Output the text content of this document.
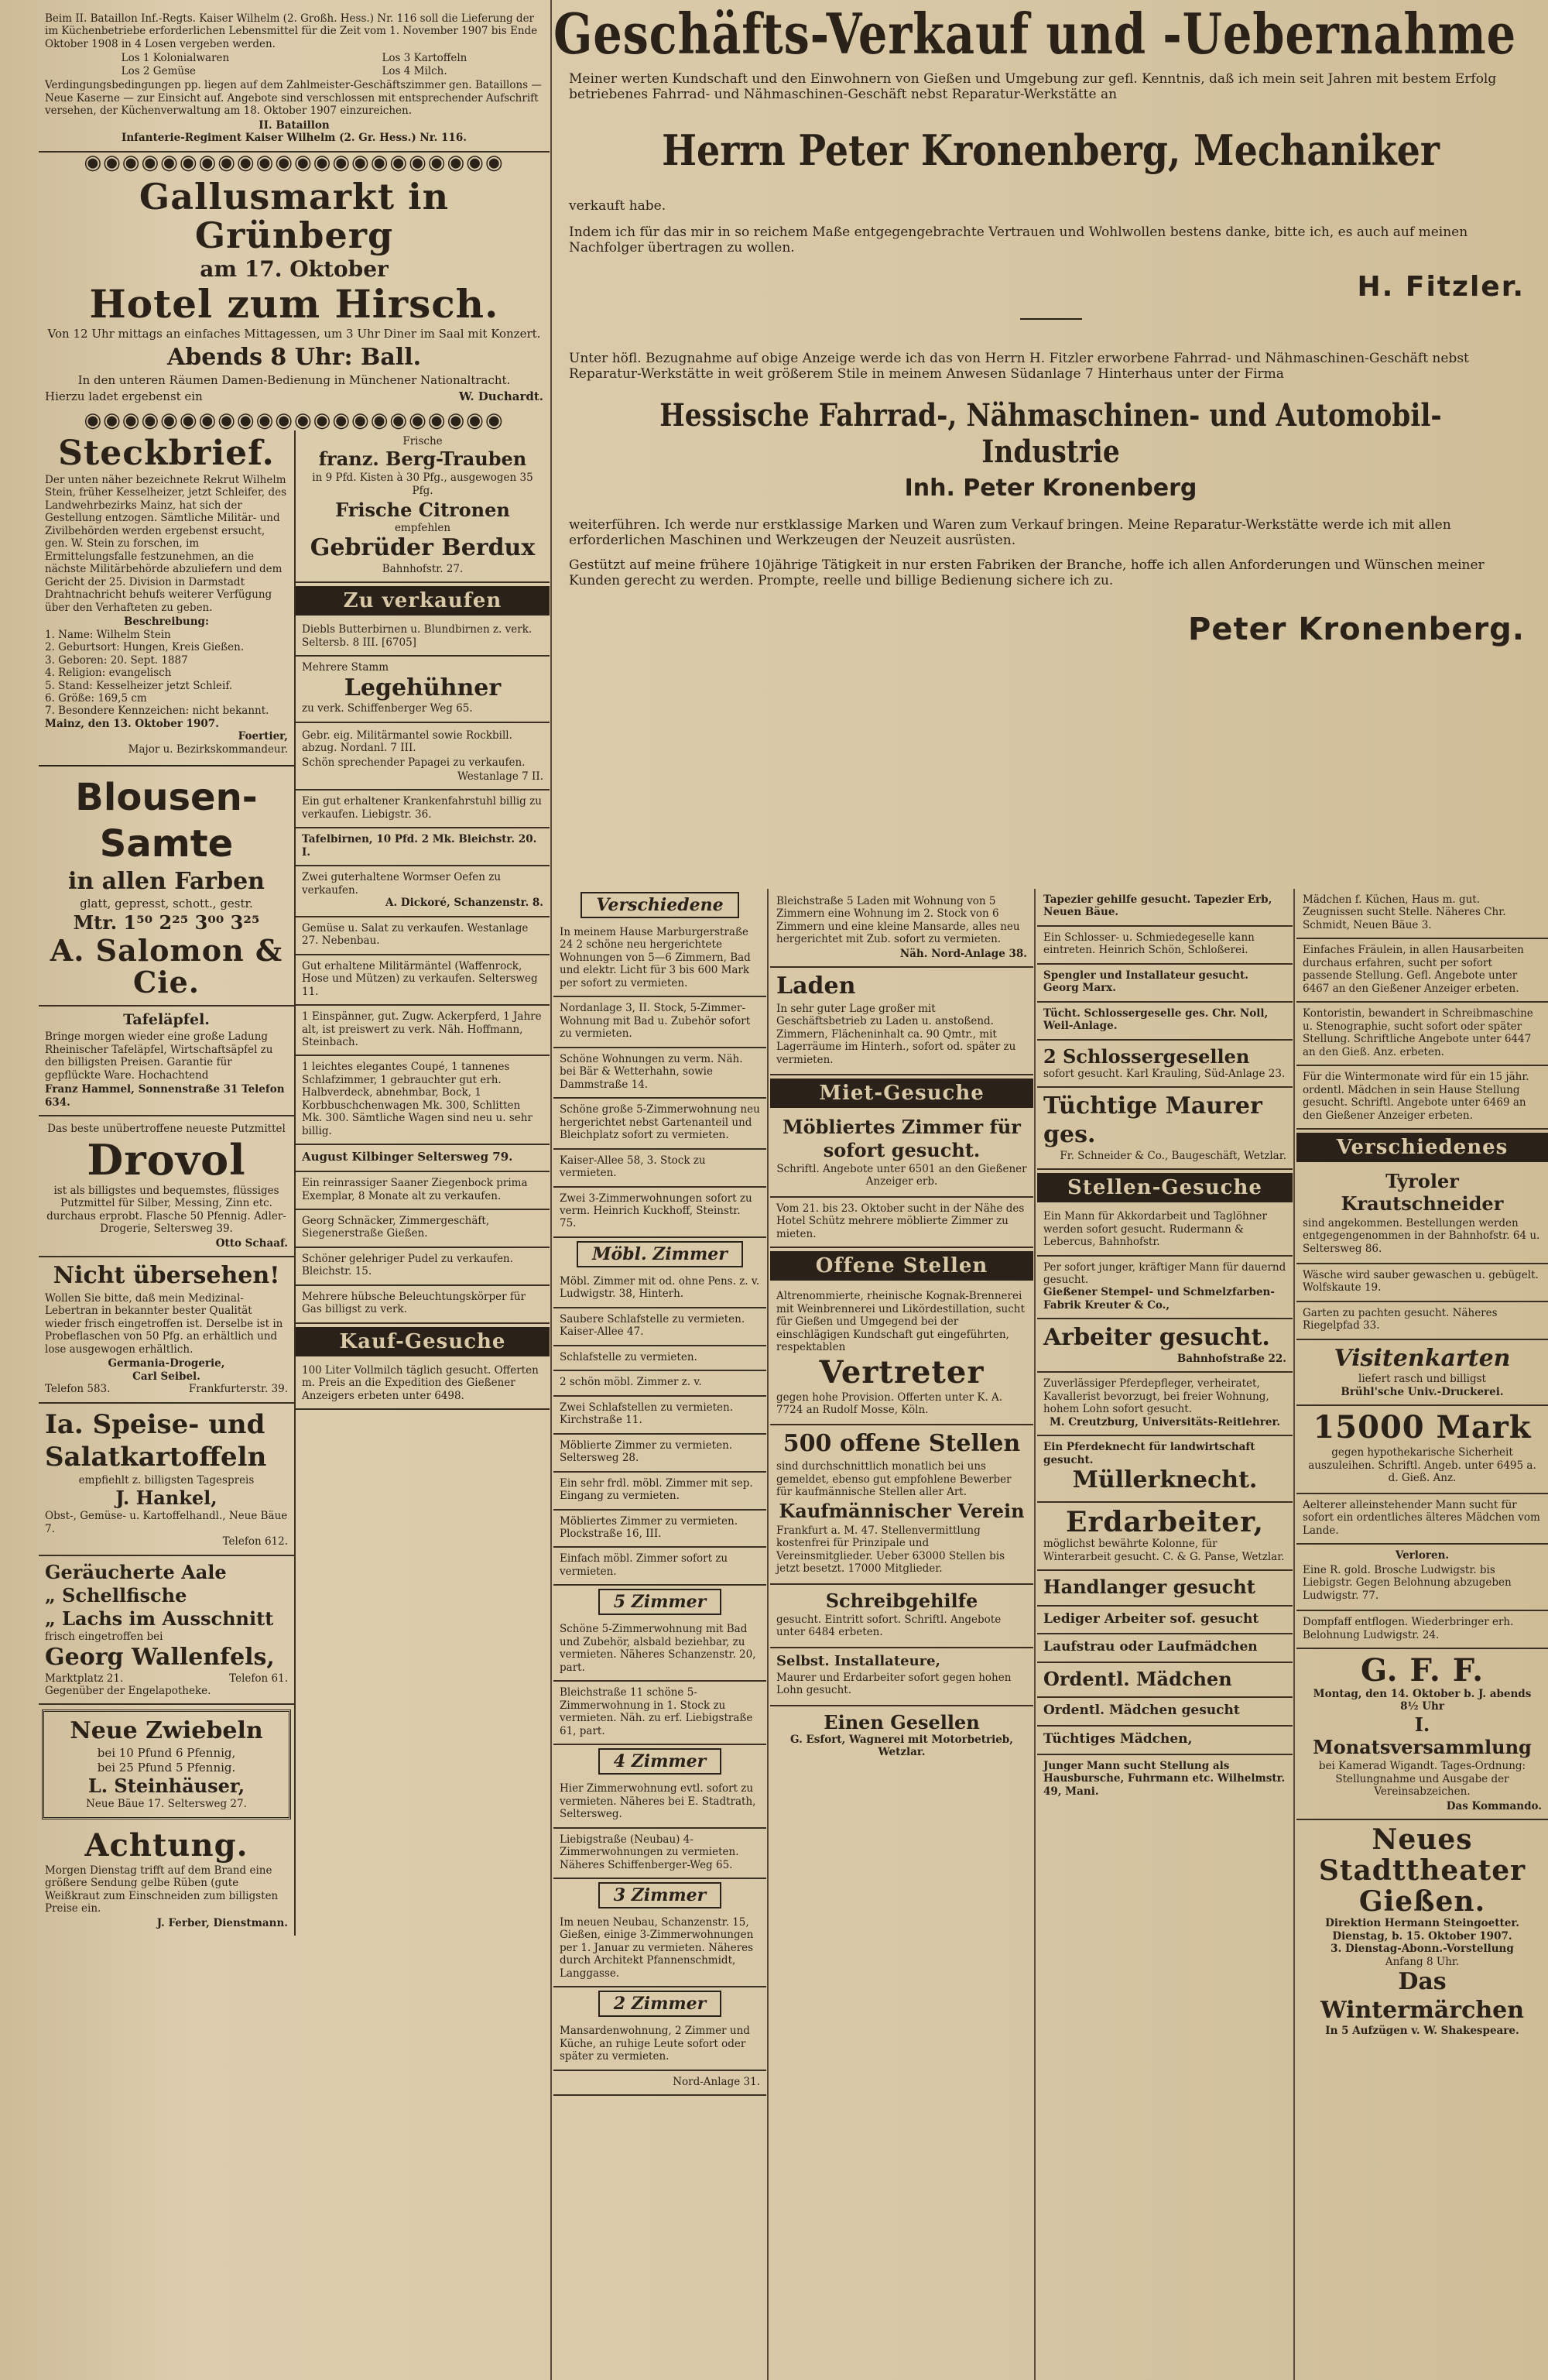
Beim II. Bataillon Inf.-Regts. Kaiser Wilhelm (2. Großh. Hess.) Nr. 116 soll die Lieferung der im Küchenbetriebe erforderlichen Lebensmittel für die Zeit vom 1. November 1907 bis Ende Oktober 1908 in 4 Losen vergeben werden.

Los 1 Kolonialwaren
Los 2 Gemüse
Los 3 Kartoffeln
Los 4 Milch.

Verdingungsbedingungen pp. liegen auf dem Zahlmeister-Geschäftszimmer gen. Bataillons — Neue Kaserne — zur Einsicht auf. Angebote sind verschlossen mit entsprechender Aufschrift versehen, der Küchenverwaltung am 18. Oktober 1907 einzureichen.

II. Bataillon
Infanterie-Regiment Kaiser Wilhelm (2. Gr. Hess.) Nr. 116.
◉◉◉◉◉◉◉◉◉◉◉◉◉◉◉◉◉◉◉◉◉◉
Gallusmarkt in Grünberg
am 17. Oktober
Hotel zum Hirsch.

Von 12 Uhr mittags an einfaches Mittagessen, um 3 Uhr Diner im Saal mit Konzert.

Abends 8 Uhr: Ball.

In den unteren Räumen Damen-Bedienung in Münchener Nationaltracht.

Hierzu ladet ergebenst ein	W. Duchardt.
◉◉◉◉◉◉◉◉◉◉◉◉◉◉◉◉◉◉◉◉◉◉
Steckbrief.

Der unten näher bezeichnete Rekrut Wilhelm Stein, früher Kesselheizer, jetzt Schleifer, des Landwehrbezirks Mainz, hat sich der Gestellung entzogen. Sämtliche Militär- und Zivilbehörden werden ergebenst ersucht, gen. W. Stein zu forschen, im Ermittelungsfalle festzunehmen, an die nächste Militärbehörde abzuliefern und dem Gericht der 25. Division in Darmstadt Drahtnachricht behufs weiterer Verfügung über den Verhafteten zu geben.

Beschreibung:
1. Name: Wilhelm Stein
2. Geburtsort: Hungen, Kreis Gießen.
3. Geboren: 20. Sept. 1887
4. Religion: evangelisch
5. Stand: Kesselheizer jetzt Schleif.
6. Größe: 169,5 cm
7. Besondere Kennzeichen: nicht bekannt.
Mainz, den 13. Oktober 1907.
Foertier,
Major u. Bezirkskommandeur.
Blousen-Samte
in allen Farben
glatt, gepresst, schott., gestr.
Mtr. 1⁵⁰ 2²⁵ 3⁰⁰ 3²⁵
A. Salomon & Cie.
Tafeläpfel.

Bringe morgen wieder eine große Ladung Rheinischer Tafeläpfel, Wirtschaftsäpfel zu den billigsten Preisen. Garantie für gepflückte Ware. Hochachtend

Franz Hammel, Sonnenstraße 31 Telefon 634.

Das beste unübertroffene neueste Putzmittel

Drovol

ist als billigstes und bequemstes, flüssiges Putzmittel für Silber, Messing, Zinn etc. durchaus erprobt. Flasche 50 Pfennig. Adler-Drogerie, Seltersweg 39.

Otto Schaaf.
Nicht übersehen!

Wollen Sie bitte, daß mein Medizinal-Lebertran in bekannter bester Qualität wieder frisch eingetroffen ist. Derselbe ist in Probeflaschen von 50 Pfg. an erhältlich und lose ausgewogen erhältlich.

Germania-Drogerie,
Carl Seibel.
Telefon 583.	Frankfurterstr. 39.
Ia. Speise- und Salatkartoffeln
empfiehlt z. billigsten Tagespreis
J. Hankel,
Obst-, Gemüse- u. Kartoffelhandl., Neue Bäue 7.
Telefon 612.
Geräucherte Aale
„ Schellfische
„ Lachs im Ausschnitt
frisch eingetroffen bei
Georg Wallenfels,
Marktplatz 21.	Telefon 61.
Gegenüber der Engelapotheke.
Neue Zwiebeln
bei 10 Pfund 6 Pfennig,
bei 25 Pfund 5 Pfennig.
L. Steinhäuser,
Neue Bäue 17. Seltersweg 27.
Achtung.

Morgen Dienstag trifft auf dem Brand eine größere Sendung gelbe Rüben (gute Weißkraut zum Einschneiden zum billigsten Preise ein.

J. Ferber, Dienstmann.
Frische
franz. Berg-Trauben

in 9 Pfd. Kisten à 30 Pfg., ausgewogen 35 Pfg.

Frische Citronen
empfehlen
Gebrüder Berdux
Bahnhofstr. 27.
Zu verkaufen
Diebls Butterbirnen u. Blundbirnen z. verk. Seltersb. 8 III. [6705]
Mehrere Stamm
Legehühner
zu verk. Schiffenberger Weg 65.

Gebr. eig. Militärmantel sowie Rockbill. abzug. Nordanl. 7 III.

Schön sprechender Papagei zu verkaufen.

Westanlage 7 II.
Ein gut erhaltener Krankenfahrstuhl billig zu verkaufen. Liebigstr. 36.
Tafelbirnen, 10 Pfd. 2 Mk. Bleichstr. 20. I.
Zwei guterhaltene Wormser Oefen zu verkaufen.
A. Dickoré, Schanzenstr. 8.
Gemüse u. Salat zu verkaufen. Westanlage 27. Nebenbau.
Gut erhaltene Militärmäntel (Waffenrock, Hose und Mützen) zu verkaufen. Seltersweg 11.
1 Einspänner, gut. Zugw. Ackerpferd, 1 Jahre alt, ist preiswert zu verk. Näh. Hoffmann, Steinbach.
1 leichtes elegantes Coupé, 1 tannenes Schlafzimmer, 1 gebrauchter gut erh. Halbverdeck, abnehmbar, Bock, 1 Korbbuschchenwagen Mk. 300, Schlitten Mk. 300. Sämtliche Wagen sind neu u. sehr billig.
August Kilbinger Seltersweg 79.
Ein reinrassiger Saaner Ziegenbock prima Exemplar, 8 Monate alt zu verkaufen.
Georg Schnäcker, Zimmergeschäft, Siegenerstraße Gießen.
Schöner gelehriger Pudel zu verkaufen. Bleichstr. 15.
Mehrere hübsche Beleuchtungskörper für Gas billigst zu verk.
Kauf-Gesuche
100 Liter Vollmilch täglich gesucht. Offerten m. Preis an die Expedition des Gießener Anzeigers erbeten unter 6498.
Geschäfts-Verkauf und -Uebernahme

Meiner werten Kundschaft und den Einwohnern von Gießen und Umgebung zur gefl. Kenntnis, daß ich mein seit Jahren mit bestem Erfolg betriebenes Fahrrad- und Nähmaschinen-Geschäft nebst Reparatur-Werkstätte an

Herrn Peter Kronenberg, Mechaniker

verkauft habe.

Indem ich für das mir in so reichem Maße entgegengebrachte Vertrauen und Wohlwollen bestens danke, bitte ich, es auch auf meinen Nachfolger übertragen zu wollen.

H. Fitzler.

Unter höfl. Bezugnahme auf obige Anzeige werde ich das von Herrn H. Fitzler erworbene Fahrrad- und Nähmaschinen-Geschäft nebst Reparatur-Werkstätte in weit größerem Stile in meinem Anwesen Südanlage 7 Hinterhaus unter der Firma

Hessische Fahrrad-, Nähmaschinen- und Automobil-Industrie
Inh. Peter Kronenberg

weiterführen. Ich werde nur erstklassige Marken und Waren zum Verkauf bringen. Meine Reparatur-Werkstätte werde ich mit allen erforderlichen Maschinen und Werkzeugen der Neuzeit ausrüsten.

Gestützt auf meine frühere 10jährige Tätigkeit in nur ersten Fabriken der Branche, hoffe ich allen Anforderungen und Wünschen meiner Kunden gerecht zu werden. Prompte, reelle und billige Bedienung sichere ich zu.

Peter Kronenberg.
Verschiedene
In meinem Hause Marburgerstraße 24 2 schöne neu hergerichtete Wohnungen von 5—6 Zimmern, Bad und elektr. Licht für 3 bis 600 Mark per sofort zu vermieten.
Nordanlage 3, II. Stock, 5-Zimmer-Wohnung mit Bad u. Zubehör sofort zu vermieten.
Schöne Wohnungen zu verm. Näh. bei Bär & Wetterhahn, sowie Dammstraße 14.
Schöne große 5-Zimmerwohnung neu hergerichtet nebst Gartenanteil und Bleichplatz sofort zu vermieten.
Kaiser-Allee 58, 3. Stock zu vermieten.
Zwei 3-Zimmerwohnungen sofort zu verm. Heinrich Kuckhoff, Steinstr. 75.
Möbl. Zimmer
Möbl. Zimmer mit od. ohne Pens. z. v. Ludwigstr. 38, Hinterh.
Saubere Schlafstelle zu vermieten. Kaiser-Allee 47.
Schlafstelle zu vermieten.
2 schön möbl. Zimmer z. v.
Zwei Schlafstellen zu vermieten. Kirchstraße 11.
Möblierte Zimmer zu vermieten. Seltersweg 28.
Ein sehr frdl. möbl. Zimmer mit sep. Eingang zu vermieten.
Möbliertes Zimmer zu vermieten. Plockstraße 16, III.
Einfach möbl. Zimmer sofort zu vermieten.
5 Zimmer
Schöne 5-Zimmerwohnung mit Bad und Zubehör, alsbald beziehbar, zu vermieten. Näheres Schanzenstr. 20, part.
Bleichstraße 11 schöne 5-Zimmerwohnung in 1. Stock zu vermieten. Näh. zu erf. Liebigstraße 61, part.
4 Zimmer
Hier Zimmerwohnung evtl. sofort zu vermieten. Näheres bei E. Stadtrath, Seltersweg.
Liebigstraße (Neubau) 4-Zimmerwohnungen zu vermieten. Näheres Schiffenberger-Weg 65.
3 Zimmer
Im neuen Neubau, Schanzenstr. 15, Gießen, einige 3-Zimmerwohnungen per 1. Januar zu vermieten. Näheres durch Architekt Pfannenschmidt, Langgasse.
2 Zimmer
Mansardenwohnung, 2 Zimmer und Küche, an ruhige Leute sofort oder später zu vermieten.
Nord-Anlage 31.

Bleichstraße 5 Laden mit Wohnung von 5 Zimmern eine Wohnung im 2. Stock von 6 Zimmern und eine kleine Mansarde, alles neu hergerichtet mit Zub. sofort zu vermieten.

Näh. Nord-Anlage 38.
Laden

In sehr guter Lage großer mit Geschäftsbetrieb zu Laden u. anstoßend. Zimmern, Flächeninhalt ca. 90 Qmtr., mit Lagerräume im Hinterh., sofort od. später zu vermieten.

Miet-Gesuche
Möbliertes Zimmer für sofort gesucht.

Schriftl. Angebote unter 6501 an den Gießener Anzeiger erb.

Vom 21. bis 23. Oktober sucht in der Nähe des Hotel Schütz mehrere möblierte Zimmer zu mieten.
Offene Stellen

Altrenommierte, rheinische Kognak-Brennerei mit Weinbrennerei und Likördestillation, sucht für Gießen und Umgegend bei der einschlägigen Kundschaft gut eingeführten, respektablen

Vertreter

gegen hohe Provision. Offerten unter K. A. 7724 an Rudolf Mosse, Köln.

500 offene Stellen

sind durchschnittlich monatlich bei uns gemeldet, ebenso gut empfohlene Bewerber für kaufmännische Stellen aller Art.

Kaufmännischer Verein

Frankfurt a. M. 47. Stellenvermittlung kostenfrei für Prinzipale und Vereinsmitglieder. Ueber 63000 Stellen bis jetzt besetzt. 17000 Mitglieder.

Schreibgehilfe

gesucht. Eintritt sofort. Schriftl. Angebote unter 6484 erbeten.

Selbst. Installateure,

Maurer und Erdarbeiter sofort gegen hohen Lohn gesucht.

Einen Gesellen
G. Esfort, Wagnerei mit Motorbetrieb, Wetzlar.
Tapezier gehilfe gesucht. Tapezier Erb, Neuen Bäue.
Ein Schlosser- u. Schmiedegeselle kann eintreten. Heinrich Schön, Schloßerei.
Spengler und Installateur gesucht. Georg Marx.
Tücht. Schlossergeselle ges. Chr. Noll, Weil-Anlage.
2 Schlossergesellen
sofort gesucht. Karl Krauling, Süd-Anlage 23.
Tüchtige Maurer ges.
Fr. Schneider & Co., Baugeschäft, Wetzlar.
Stellen-Gesuche
Ein Mann für Akkordarbeit und Taglöhner werden sofort gesucht. Rudermann & Lebercus, Bahnhofstr.
Per sofort junger, kräftiger Mann für dauernd gesucht.
Gießener Stempel- und Schmelzfarben-Fabrik Kreuter & Co.,
Arbeiter gesucht.
Bahnhofstraße 22.
Zuverlässiger Pferdepfleger, verheiratet, Kavallerist bevorzugt, bei freier Wohnung, hohem Lohn sofort gesucht.
M. Creutzburg, Universitäts-Reitlehrer.
Ein Pferdeknecht für landwirtschaft gesucht.
Müllerknecht.
Erdarbeiter,
möglichst bewährte Kolonne, für Winterarbeit gesucht. C. & G. Panse, Wetzlar.
Handlanger gesucht
Lediger Arbeiter sof. gesucht
Laufstrau oder Laufmädchen
Ordentl. Mädchen
Ordentl. Mädchen gesucht
Tüchtiges Mädchen,
Junger Mann sucht Stellung als Hausbursche, Fuhrmann etc. Wilhelmstr. 49, Mani.
Mädchen f. Küchen, Haus m. gut. Zeugnissen sucht Stelle. Näheres Chr. Schmidt, Neuen Bäue 3.
Einfaches Fräulein, in allen Hausarbeiten durchaus erfahren, sucht per sofort passende Stellung. Gefl. Angebote unter 6467 an den Gießener Anzeiger erbeten.
Kontoristin, bewandert in Schreibmaschine u. Stenographie, sucht sofort oder später Stellung. Schriftliche Angebote unter 6447 an den Gieß. Anz. erbeten.
Für die Wintermonate wird für ein 15 jähr. ordentl. Mädchen in sein Hause Stellung gesucht. Schriftl. Angebote unter 6469 an den Gießener Anzeiger erbeten.
Verschiedenes
Tyroler Krautschneider

sind angekommen. Bestellungen werden entgegengenommen in der Bahnhofstr. 64 u. Seltersweg 86.

Wäsche wird sauber gewaschen u. gebügelt. Wolfskaute 19.
Garten zu pachten gesucht. Näheres Riegelpfad 33.
Visitenkarten
liefert rasch und billigst
Brühl'sche Univ.-Druckerei.
15000 Mark

gegen hypothekarische Sicherheit auszuleihen. Schriftl. Angeb. unter 6495 a. d. Gieß. Anz.

Aelterer alleinstehender Mann sucht für sofort ein ordentliches älteres Mädchen vom Lande.
Verloren.

Eine R. gold. Brosche Ludwigstr. bis Liebigstr. Gegen Belohnung abzugeben Ludwigstr. 77.

Dompfaff entflogen. Wiederbringer erh. Belohnung Ludwigstr. 24.
G. F. F.
Montag, den 14. Oktober b. J. abends 8½ Uhr
I. Monatsversammlung

bei Kamerad Wigandt. Tages-Ordnung: Stellungnahme und Ausgabe der Vereinsabzeichen.

Das Kommando.
Neues Stadttheater Gießen.
Direktion Hermann Steingoetter.
Dienstag, b. 15. Oktober 1907.
3. Dienstag-Abonn.-Vorstellung
Anfang 8 Uhr.
Das Wintermärchen
In 5 Aufzügen v. W. Shakespeare.
